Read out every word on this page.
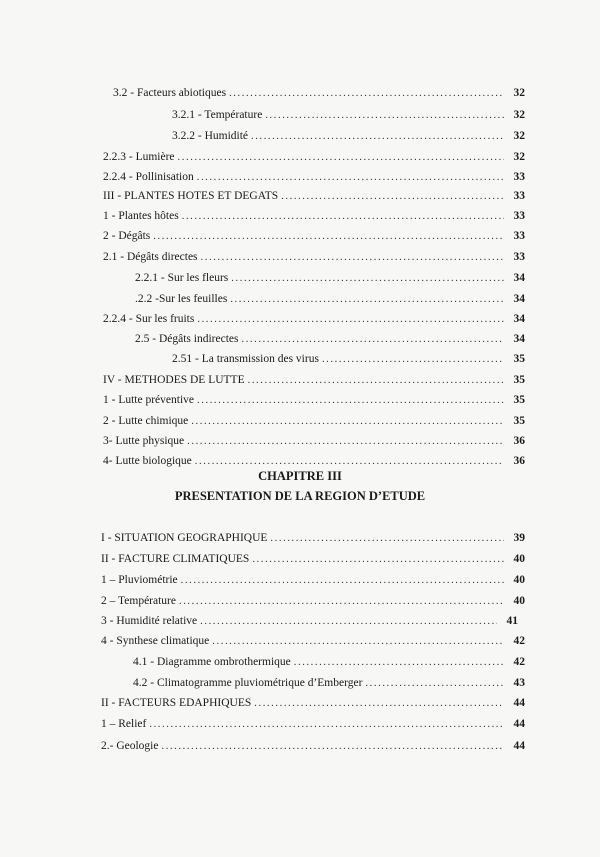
3.2 - Facteurs abiotiques .....	32
3.2.1 - Température .....	32
3.2.2 - Humidité .....	32
2.2.3 - Lumière .....	32
2.2.4 - Pollinisation .....	33
III - PLANTES HOTES ET DEGATS .....	33
1 - Plantes hôtes .....	33
2 - Dégâts .....	33
2.1 - Dégâts directes .....	33
2.2.1 - Sur les fleurs .....	34
.2.2 -Sur les feuilles .....	34
2.2.4 - Sur les fruits .....	34
2.5 - Dégâts indirectes .....	34
2.51 - La transmission des virus .....	35
IV - METHODES DE LUTTE .....	35
1 - Lutte préventive .....	35
2 - Lutte chimique .....	35
3- Lutte physique .....	36
4- Lutte biologique .....	36
CHAPITRE III
PRESENTATION DE LA REGION D’ETUDE
I - SITUATION GEOGRAPHIQUE .....	39
II - FACTURE CLIMATIQUES .....	40
1 – Pluviométrie .....	40
2 – Température .....	40
3 - Humidité relative .....	41
4 - Synthese climatique .....	42
4.1 - Diagramme ombrothermique .....	42
4.2 - Climatogramme pluviométrique d’Emberger .....	43
II - FACTEURS EDAPHIQUES .....	44
1 – Relief .....	44
2.- Geologie .....	44
